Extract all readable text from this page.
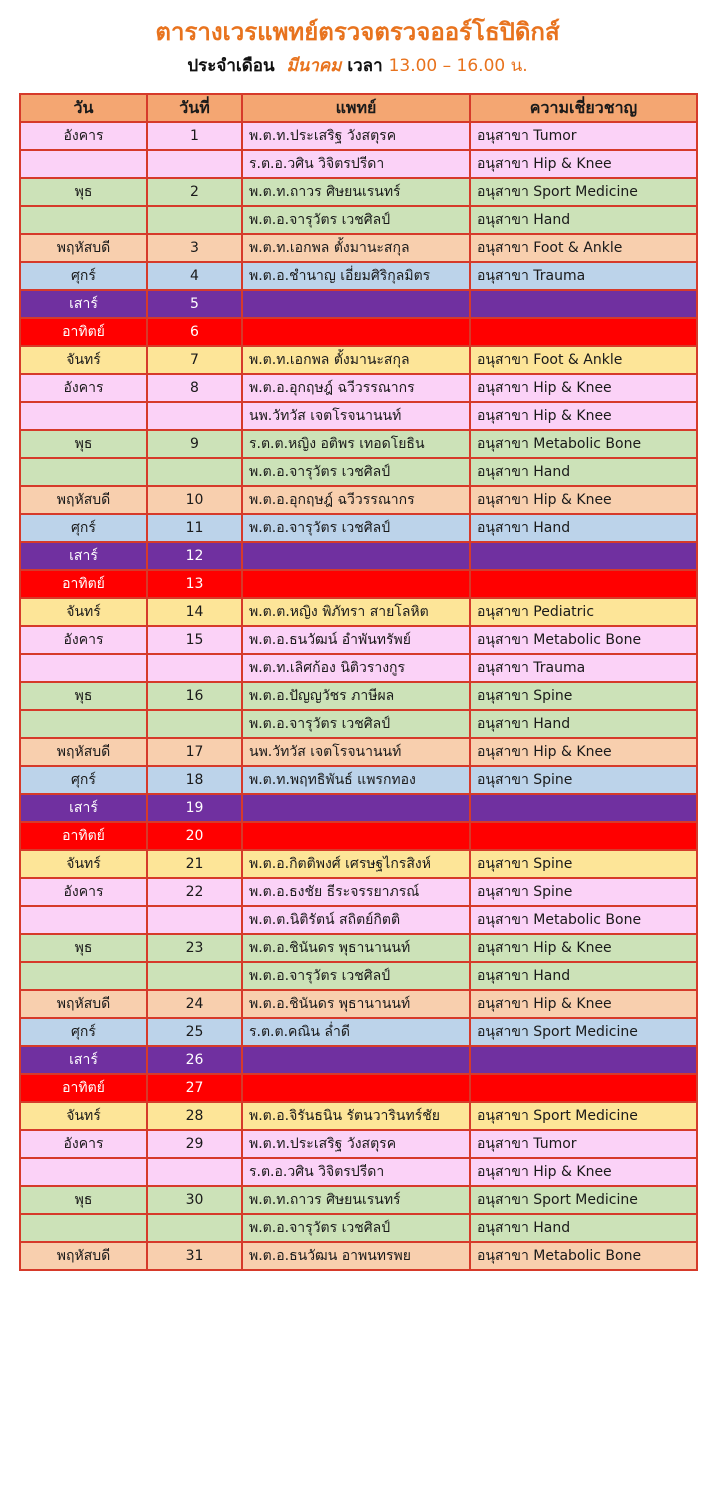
ตารางเวรแพทย์ตรวจตรวจออร์โธปิดิกส์
ประจำเดือน มีนาคม เวลา 13.00 – 16.00 น.
วัน	วันที่	แพทย์	ความเชี่ยวชาญ
อังคาร	1	พ.ต.ท.ประเสริฐ วังสตุรค	อนุสาขา Tumor
		ร.ต.อ.วศิน วิจิตรปรีดา	อนุสาขา Hip & Knee
พุธ	2	พ.ต.ท.ถาวร ศิษยนเรนทร์	อนุสาขา Sport Medicine
		พ.ต.อ.จารุวัตร เวชศิลป์	อนุสาขา Hand
พฤหัสบดี	3	พ.ต.ท.เอกพล ตั้งมานะสกุล	อนุสาขา Foot & Ankle
ศุกร์	4	พ.ต.อ.ชำนาญ เอี่ยมศิริกุลมิตร	อนุสาขา Trauma
เสาร์	5		
อาทิตย์	6		
จันทร์	7	พ.ต.ท.เอกพล ตั้งมานะสกุล	อนุสาขา Foot & Ankle
อังคาร	8	พ.ต.อ.อุกฤษฎ์ ฉวีวรรณากร	อนุสาขา Hip & Knee
		นพ.วัทวัส เจตโรจนานนท์	อนุสาขา Hip & Knee
พุธ	9	ร.ต.ต.หญิง อติพร เทอดโยธิน	อนุสาขา Metabolic Bone
		พ.ต.อ.จารุวัตร เวชศิลป์	อนุสาขา Hand
พฤหัสบดี	10	พ.ต.อ.อุกฤษฎ์ ฉวีวรรณากร	อนุสาขา Hip & Knee
ศุกร์	11	พ.ต.อ.จารุวัตร เวชศิลป์	อนุสาขา Hand
เสาร์	12		
อาทิตย์	13		
จันทร์	14	พ.ต.ต.หญิง พิภัทรา สายโลหิต	อนุสาขา Pediatric
อังคาร	15	พ.ต.อ.ธนวัฒน์ อำพันทรัพย์	อนุสาขา Metabolic Bone
		พ.ต.ท.เลิศก้อง นิติวรางกูร	อนุสาขา Trauma
พุธ	16	พ.ต.อ.ปัญญวัชร ภาษีผล	อนุสาขา Spine
		พ.ต.อ.จารุวัตร เวชศิลป์	อนุสาขา Hand
พฤหัสบดี	17	นพ.วัทวัส เจตโรจนานนท์	อนุสาขา Hip & Knee
ศุกร์	18	พ.ต.ท.พฤทธิพันธ์ แพรกทอง	อนุสาขา Spine
เสาร์	19		
อาทิตย์	20		
จันทร์	21	พ.ต.อ.กิตติพงศ์ เศรษฐไกรสิงห์	อนุสาขา Spine
อังคาร	22	พ.ต.อ.ธงชัย ธีระจรรยาภรณ์	อนุสาขา Spine
		พ.ต.ต.นิติรัตน์ สถิตย์กิตติ	อนุสาขา Metabolic Bone
พุธ	23	พ.ต.อ.ชินันดร พุธานานนท์	อนุสาขา Hip & Knee
		พ.ต.อ.จารุวัตร เวชศิลป์	อนุสาขา Hand
พฤหัสบดี	24	พ.ต.อ.ชินันดร พุธานานนท์	อนุสาขา Hip & Knee
ศุกร์	25	ร.ต.ต.คณิน ล่ำดี	อนุสาขา Sport Medicine
เสาร์	26		
อาทิตย์	27		
จันทร์	28	พ.ต.อ.จิรันธนิน รัตนวารินทร์ชัย	อนุสาขา Sport Medicine
อังคาร	29	พ.ต.ท.ประเสริฐ วังสตุรค	อนุสาขา Tumor
		ร.ต.อ.วศิน วิจิตรปรีดา	อนุสาขา Hip & Knee
พุธ	30	พ.ต.ท.ถาวร ศิษยนเรนทร์	อนุสาขา Sport Medicine
		พ.ต.อ.จารุวัตร เวชศิลป์	อนุสาขา Hand
พฤหัสบดี	31	พ.ต.อ.ธนวัฒน อาพนทรพย	อนุสาขา Metabolic Bone
